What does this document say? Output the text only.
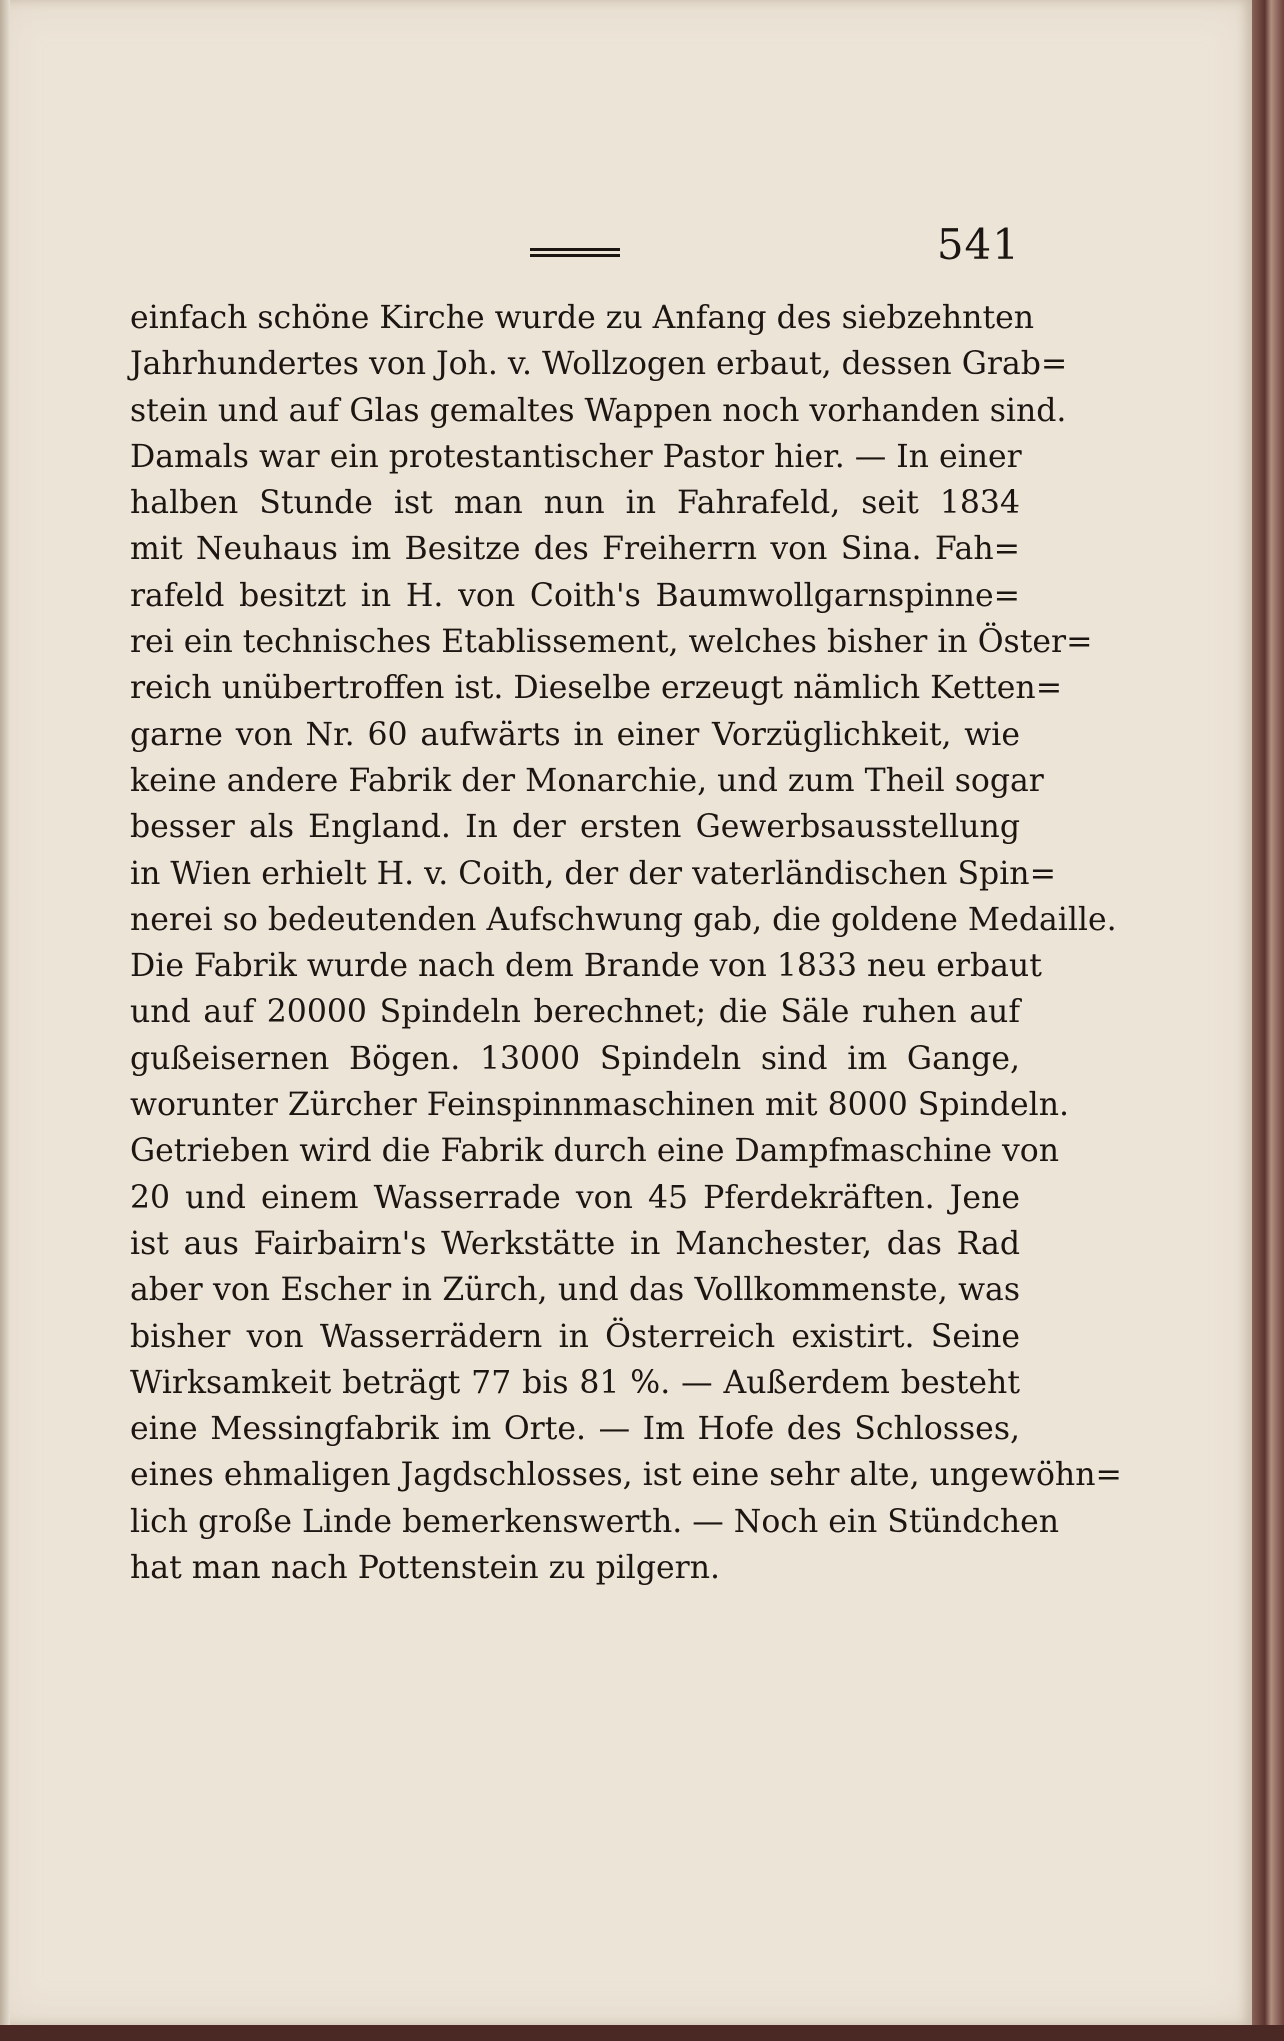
541
einfach schöne Kirche wurde zu Anfang des siebzehnten
Jahrhundertes von Joh. v. Wollzogen erbaut, dessen Grab=
stein und auf Glas gemaltes Wappen noch vorhanden sind.
Damals war ein protestantischer Pastor hier. — In einer
halben Stunde ist man nun in Fahrafeld, seit 1834
mit Neuhaus im Besitze des Freiherrn von Sina. Fah=
rafeld besitzt in H. von Coith's Baumwollgarnspinne=
rei ein technisches Etablissement, welches bisher in Öster=
reich unübertroffen ist. Dieselbe erzeugt nämlich Ketten=
garne von Nr. 60 aufwärts in einer Vorzüglichkeit, wie
keine andere Fabrik der Monarchie, und zum Theil sogar
besser als England. In der ersten Gewerbsausstellung
in Wien erhielt H. v. Coith, der der vaterländischen Spin=
nerei so bedeutenden Aufschwung gab, die goldene Medaille.
Die Fabrik wurde nach dem Brande von 1833 neu erbaut
und auf 20000 Spindeln berechnet; die Säle ruhen auf
gußeisernen Bögen. 13000 Spindeln sind im Gange,
worunter Zürcher Feinspinnmaschinen mit 8000 Spindeln.
Getrieben wird die Fabrik durch eine Dampfmaschine von
20 und einem Wasserrade von 45 Pferdekräften. Jene
ist aus Fairbairn's Werkstätte in Manchester, das Rad
aber von Escher in Zürch, und das Vollkommenste, was
bisher von Wasserrädern in Österreich existirt. Seine
Wirksamkeit beträgt 77 bis 81 %. — Außerdem besteht
eine Messingfabrik im Orte. — Im Hofe des Schlosses,
eines ehmaligen Jagdschlosses, ist eine sehr alte, ungewöhn=
lich große Linde bemerkenswerth. — Noch ein Stündchen
hat man nach Pottenstein zu pilgern.
